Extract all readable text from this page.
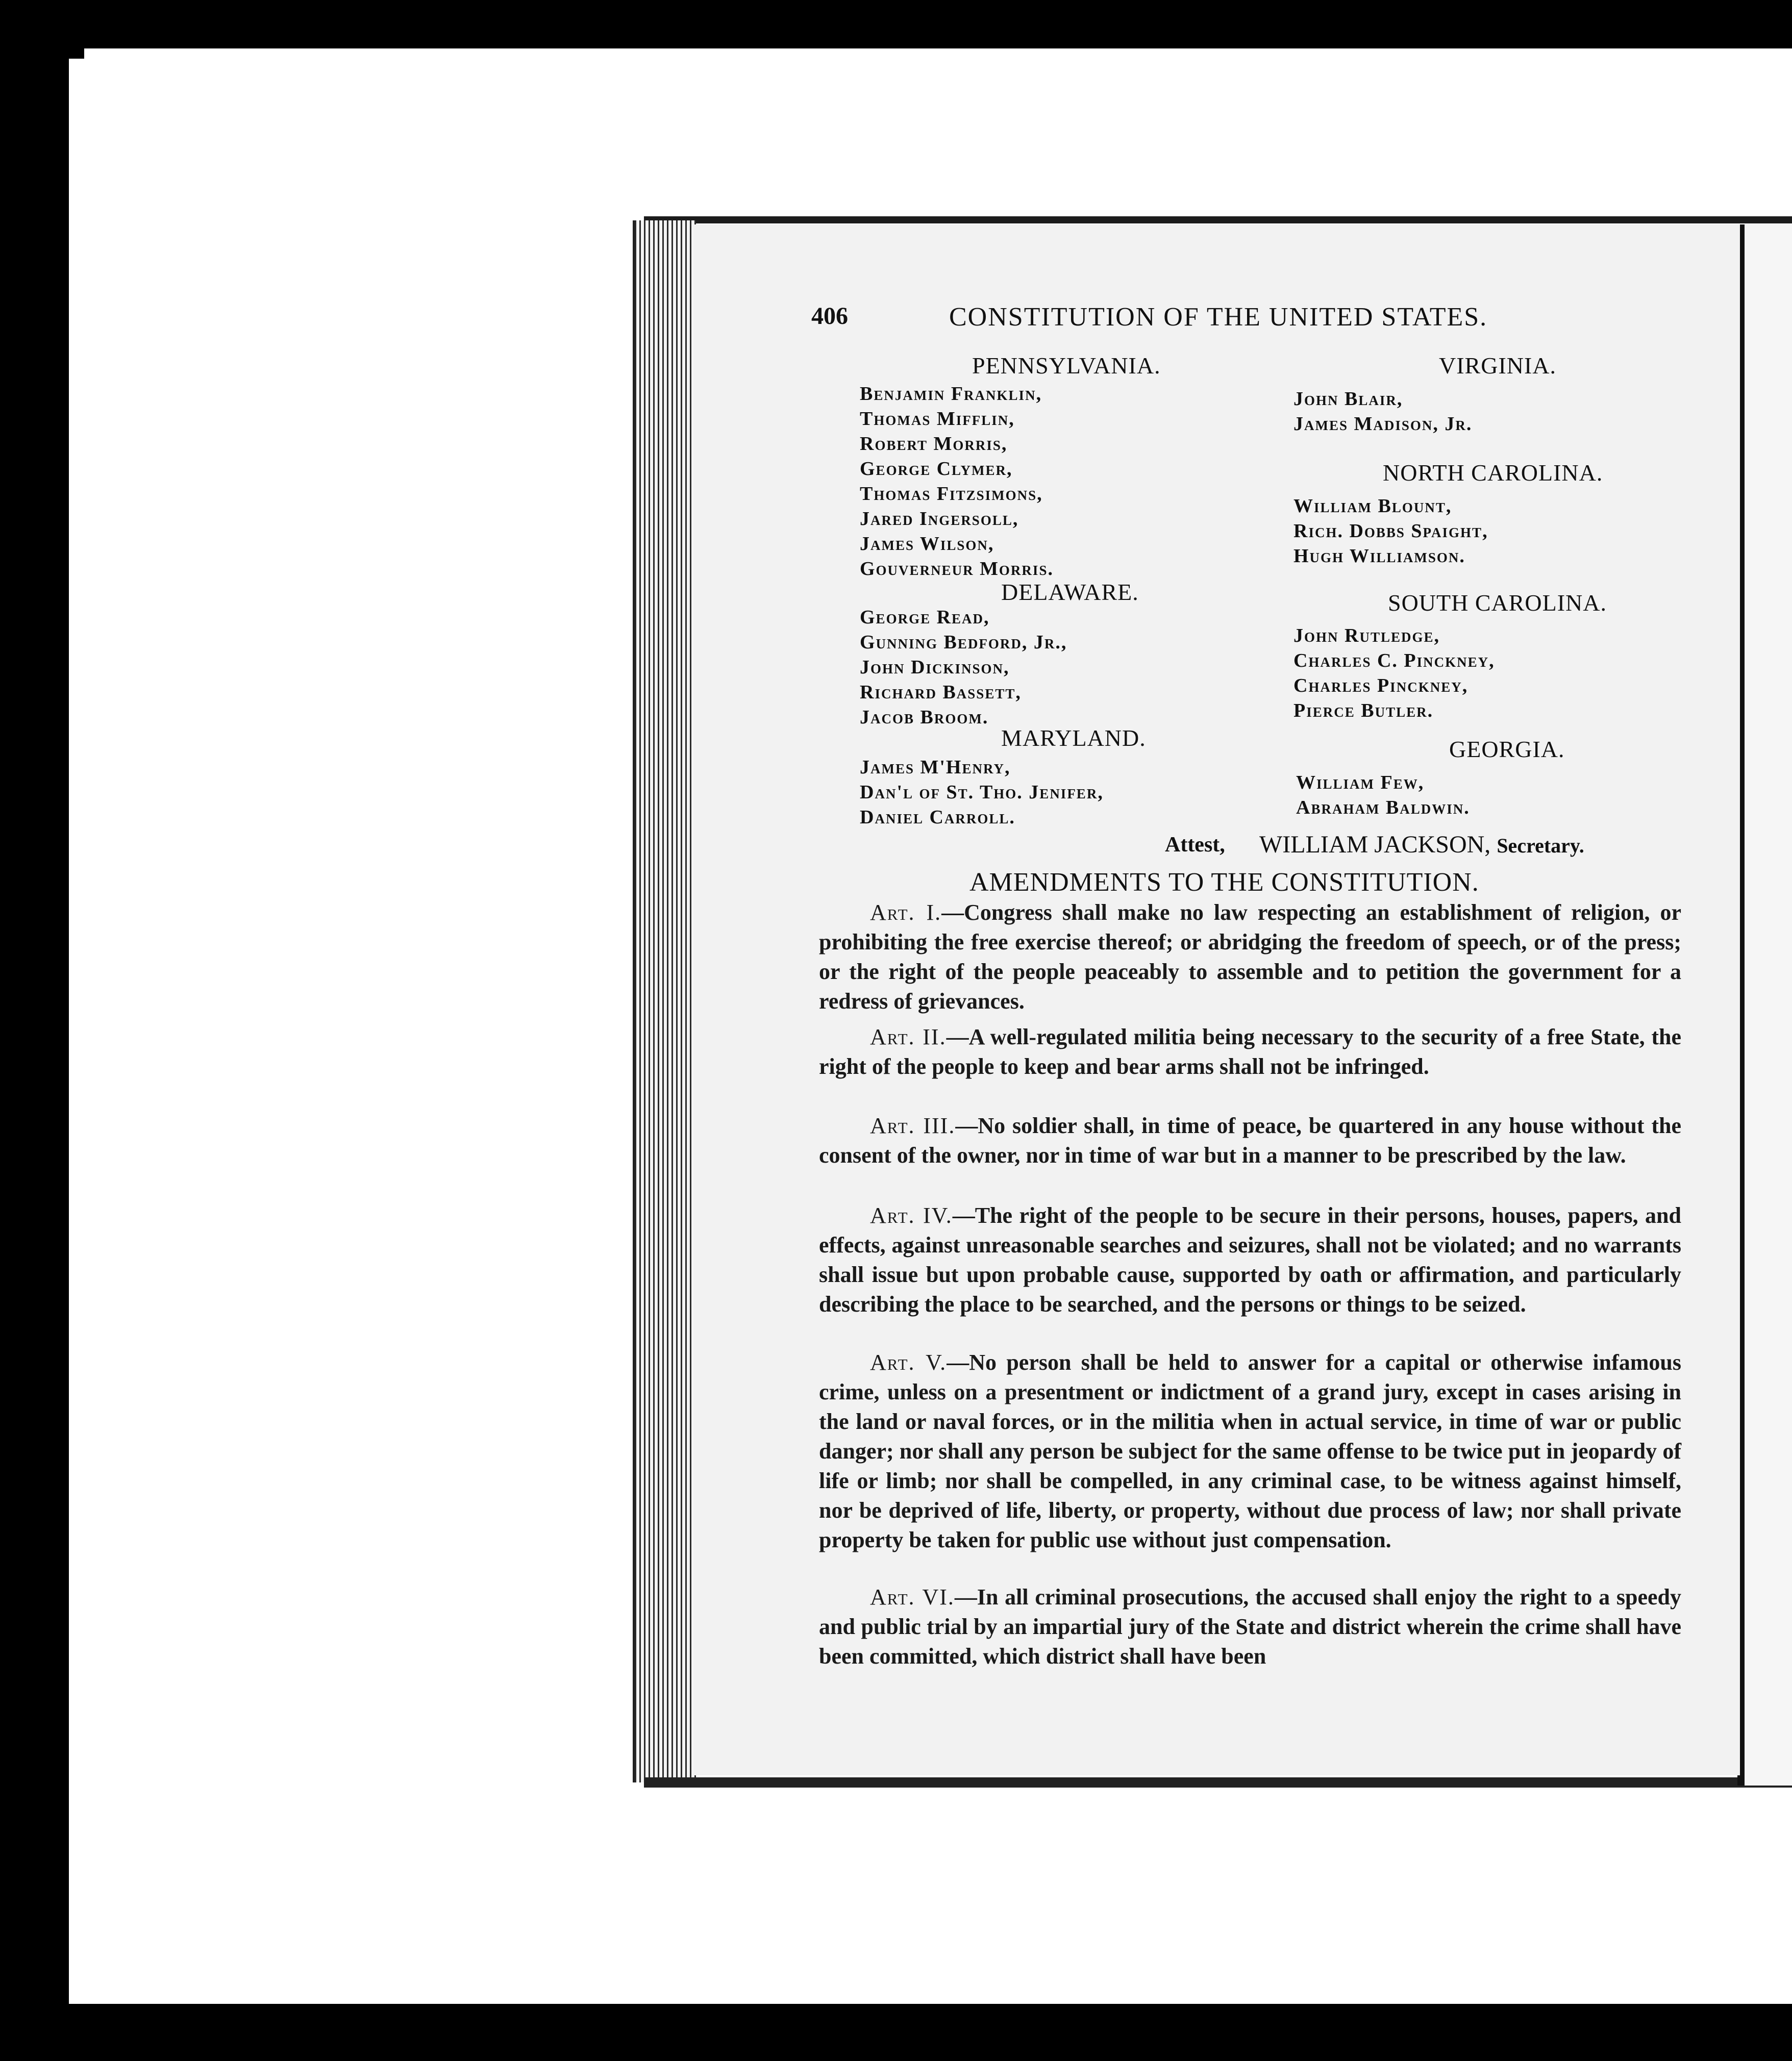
406	CONSTITUTION OF THE UNITED STATES.
PENNSYLVANIA.
Benjamin Franklin,
Thomas Mifflin,
Robert Morris,
George Clymer,
Thomas Fitzsimons,
Jared Ingersoll,
James Wilson,
Gouverneur Morris.
DELAWARE.
George Read,
Gunning Bedford, Jr.,
John Dickinson,
Richard Bassett,
Jacob Broom.
MARYLAND.
James M'Henry,
Dan'l of St. Tho. Jenifer,
Daniel Carroll.
VIRGINIA.
John Blair,
James Madison, Jr.
NORTH CAROLINA.
William Blount,
Rich. Dobbs Spaight,
Hugh Williamson.
SOUTH CAROLINA.
John Rutledge,
Charles C. Pinckney,
Charles Pinckney,
Pierce Butler.
GEORGIA.
William Few,
Abraham Baldwin.
Attest, WILLIAM JACKSON, Secretary.
AMENDMENTS TO THE CONSTITUTION.

Art. I.—Congress shall make no law respecting an establishment of religion, or prohibiting the free exercise thereof; or abridging the freedom of speech, or of the press; or the right of the people peaceably to assemble and to petition the government for a redress of grievances.

Art. II.—A well-regulated militia being necessary to the security of a free State, the right of the people to keep and bear arms shall not be infringed.

Art. III.—No soldier shall, in time of peace, be quartered in any house without the consent of the owner, nor in time of war but in a manner to be prescribed by the law.

Art. IV.—The right of the people to be secure in their persons, houses, papers, and effects, against unreasonable searches and seizures, shall not be violated; and no warrants shall issue but upon probable cause, supported by oath or affirmation, and particularly describing the place to be searched, and the persons or things to be seized.

Art. V.—No person shall be held to answer for a capital or otherwise infamous crime, unless on a presentment or indictment of a grand jury, except in cases arising in the land or naval forces, or in the militia when in actual service, in time of war or public danger; nor shall any person be subject for the same offense to be twice put in jeopardy of life or limb; nor shall be compelled, in any criminal case, to be witness against himself, nor be deprived of life, liberty, or property, without due process of law; nor shall private property be taken for public use without just compensation.

Art. VI.—In all criminal prosecutions, the accused shall enjoy the right to a speedy and public trial by an impartial jury of the State and district wherein the crime shall have been committed, which district shall have been
